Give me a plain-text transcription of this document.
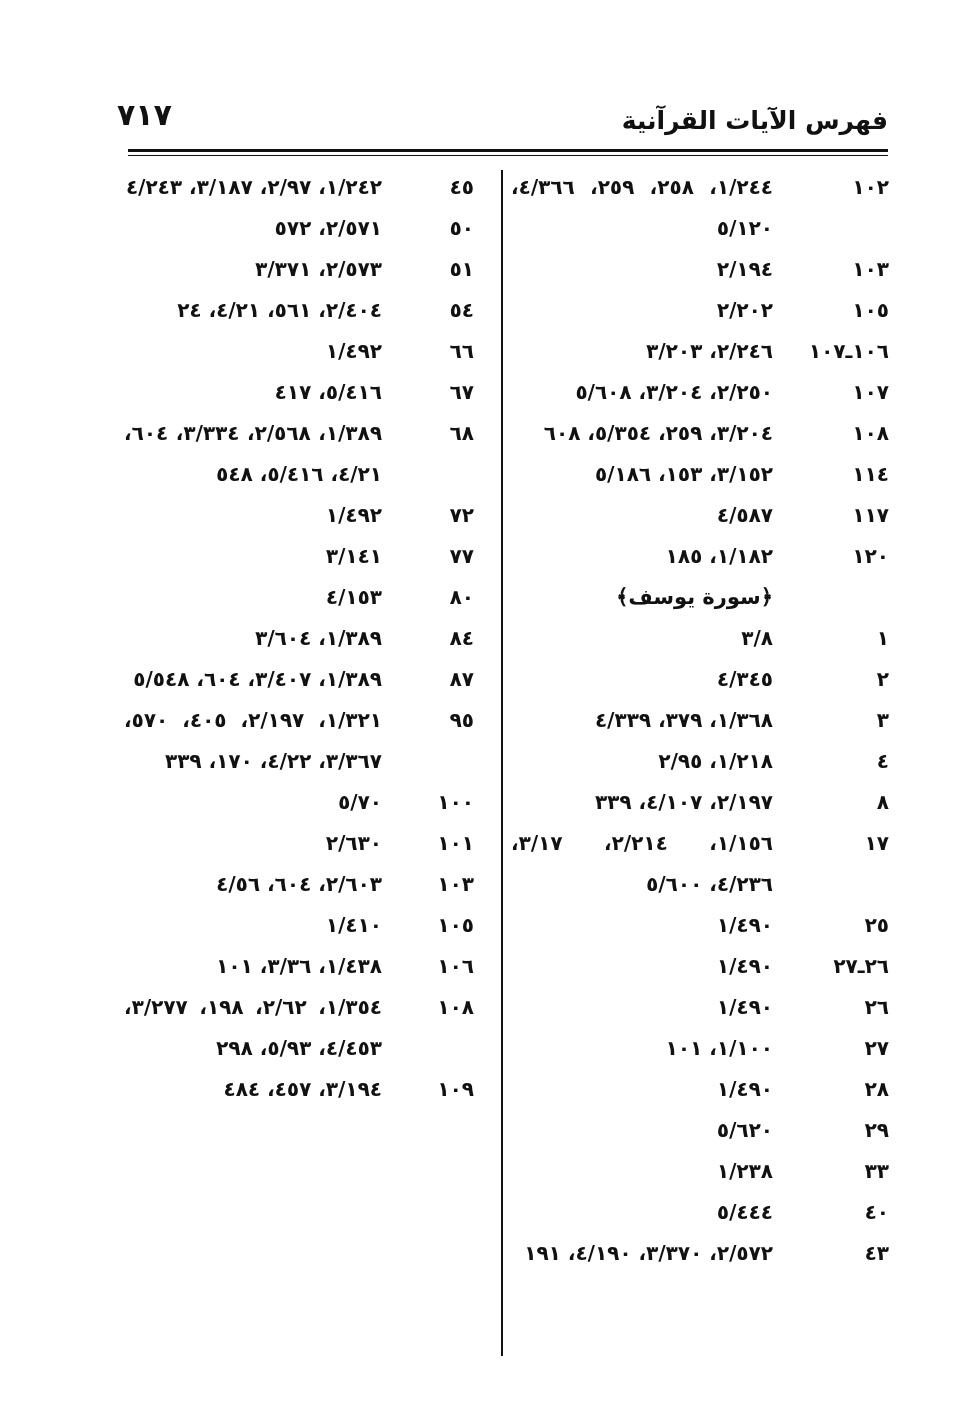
٧١٧	فهرس الآيات القرآنية
١٠٢
١/٢٤٤، ٢٥٨، ٢٥٩، ٤/٣٦٦، ٥/١٢٠
١٠٣
٢/١٩٤
١٠٥
٢/٢٠٢
١٠٦ـ١٠٧
٢/٢٤٦، ٣/٢٠٣
١٠٧
٢/٢٥٠، ٣/٢٠٤، ٥/٦٠٨
١٠٨
٣/٢٠٤، ٢٥٩، ٥/٣٥٤، ٦٠٨
١١٤
٣/١٥٢، ١٥٣، ٥/١٨٦
١١٧
٤/٥٨٧
١٢٠
١/١٨٢، ١٨٥
﴿سورة يوسف﴾
١
٣/٨
٢
٤/٣٤٥
٣
١/٣٦٨، ٣٧٩، ٤/٣٣٩
٤
١/٢١٨، ٢/٩٥
٨
٢/١٩٧، ٤/١٠٧، ٣٣٩
١٧
١/١٥٦، ٢/٢١٤، ٣/١٧، ٤/٢٣٦، ٥/٦٠٠
٢٥
١/٤٩٠
٢٦ـ٢٧
١/٤٩٠
٢٦
١/٤٩٠
٢٧
١/١٠٠، ١٠١
٢٨
١/٤٩٠
٢٩
٥/٦٢٠
٣٣
١/٢٣٨
٤٠
٥/٤٤٤
٤٣
٢/٥٧٢، ٣/٣٧٠، ٤/١٩٠، ١٩١
٤٥
١/٢٤٢، ٢/٩٧، ٣/١٨٧، ٤/٢٤٣
٥٠
٢/٥٧١، ٥٧٢
٥١
٢/٥٧٣، ٣/٣٧١
٥٤
٢/٤٠٤، ٥٦١، ٤/٢١، ٢٤
٦٦
١/٤٩٢
٦٧
٥/٤١٦، ٤١٧
٦٨
١/٣٨٩، ٢/٥٦٨، ٣/٣٣٤، ٦٠٤، ٤/٢١، ٥/٤١٦، ٥٤٨
٧٢
١/٤٩٢
٧٧
٣/١٤١
٨٠
٤/١٥٣
٨٤
١/٣٨٩، ٣/٦٠٤
٨٧
١/٣٨٩، ٣/٤٠٧، ٦٠٤، ٥/٥٤٨
٩٥
١/٣٢١، ٢/١٩٧، ٤٠٥، ٥٧٠، ٣/٣٦٧، ٤/٢٢، ١٧٠، ٣٣٩
١٠٠
٥/٧٠
١٠١
٢/٦٣٠
١٠٣
٢/٦٠٣، ٦٠٤، ٤/٥٦
١٠٥
١/٤١٠
١٠٦
١/٤٣٨، ٣/٣٦، ١٠١
١٠٨
١/٣٥٤، ٢/٦٢، ١٩٨، ٣/٢٧٧، ٤/٤٥٣، ٥/٩٣، ٢٩٨
١٠٩
٣/١٩٤، ٤٥٧، ٤٨٤
